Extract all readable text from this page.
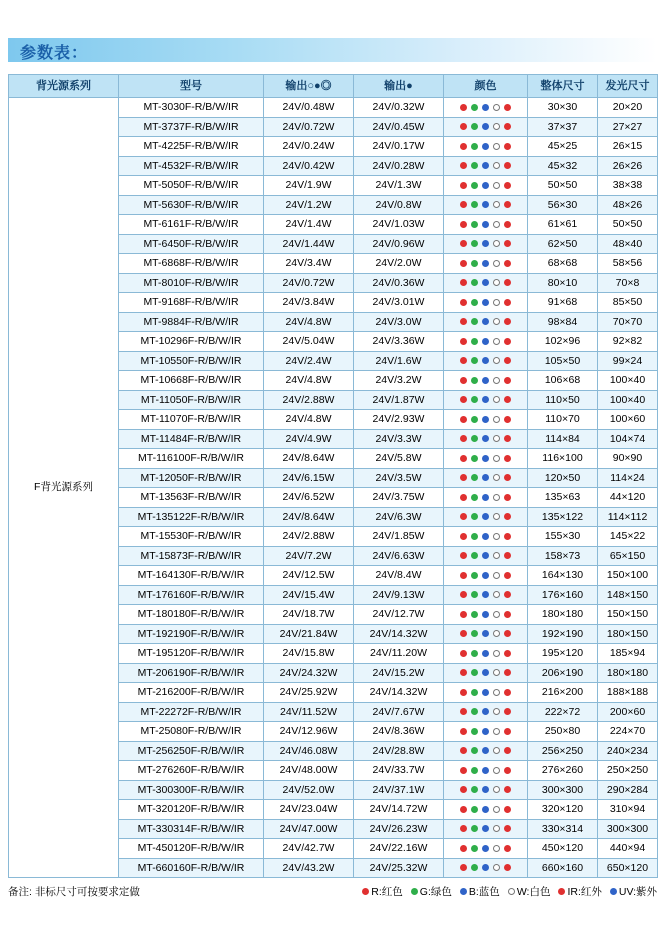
参数表：
背光源系列	型号	输出○●◎	输出●	颜色	整体尺寸	发光尺寸
F背光源系列	MT-3030F-R/B/W/IR	24V/0.48W	24V/0.32W		30×30	20×20
	MT-3737F-R/B/W/IR	24V/0.72W	24V/0.45W		37×37	27×27
	MT-4225F-R/B/W/IR	24V/0.24W	24V/0.17W		45×25	26×15
	MT-4532F-R/B/W/IR	24V/0.42W	24V/0.28W		45×32	26×26
	MT-5050F-R/B/W/IR	24V/1.9W	24V/1.3W		50×50	38×38
	MT-5630F-R/B/W/IR	24V/1.2W	24V/0.8W		56×30	48×26
	MT-6161F-R/B/W/IR	24V/1.4W	24V/1.03W		61×61	50×50
	MT-6450F-R/B/W/IR	24V/1.44W	24V/0.96W		62×50	48×40
	MT-6868F-R/B/W/IR	24V/3.4W	24V/2.0W		68×68	58×56
	MT-8010F-R/B/W/IR	24V/0.72W	24V/0.36W		80×10	70×8
	MT-9168F-R/B/W/IR	24V/3.84W	24V/3.01W		91×68	85×50
	MT-9884F-R/B/W/IR	24V/4.8W	24V/3.0W		98×84	70×70
	MT-10296F-R/B/W/IR	24V/5.04W	24V/3.36W		102×96	92×82
	MT-10550F-R/B/W/IR	24V/2.4W	24V/1.6W		105×50	99×24
	MT-10668F-R/B/W/IR	24V/4.8W	24V/3.2W		106×68	100×40
	MT-11050F-R/B/W/IR	24V/2.88W	24V/1.87W		110×50	100×40
	MT-11070F-R/B/W/IR	24V/4.8W	24V/2.93W		110×70	100×60
	MT-11484F-R/B/W/IR	24V/4.9W	24V/3.3W		114×84	104×74
	MT-116100F-R/B/W/IR	24V/8.64W	24V/5.8W		116×100	90×90
	MT-12050F-R/B/W/IR	24V/6.15W	24V/3.5W		120×50	114×24
	MT-13563F-R/B/W/IR	24V/6.52W	24V/3.75W		135×63	44×120
	MT-135122F-R/B/W/IR	24V/8.64W	24V/6.3W		135×122	114×112
	MT-15530F-R/B/W/IR	24V/2.88W	24V/1.85W		155×30	145×22
	MT-15873F-R/B/W/IR	24V/7.2W	24V/6.63W		158×73	65×150
	MT-164130F-R/B/W/IR	24V/12.5W	24V/8.4W		164×130	150×100
	MT-176160F-R/B/W/IR	24V/15.4W	24V/9.13W		176×160	148×150
	MT-180180F-R/B/W/IR	24V/18.7W	24V/12.7W		180×180	150×150
	MT-192190F-R/B/W/IR	24V/21.84W	24V/14.32W		192×190	180×150
	MT-195120F-R/B/W/IR	24V/15.8W	24V/11.20W		195×120	185×94
	MT-206190F-R/B/W/IR	24V/24.32W	24V/15.2W		206×190	180×180
	MT-216200F-R/B/W/IR	24V/25.92W	24V/14.32W		216×200	188×188
	MT-22272F-R/B/W/IR	24V/11.52W	24V/7.67W		222×72	200×60
	MT-25080F-R/B/W/IR	24V/12.96W	24V/8.36W		250×80	224×70
	MT-256250F-R/B/W/IR	24V/46.08W	24V/28.8W		256×250	240×234
	MT-276260F-R/B/W/IR	24V/48.00W	24V/33.7W		276×260	250×250
	MT-300300F-R/B/W/IR	24V/52.0W	24V/37.1W		300×300	290×284
	MT-320120F-R/B/W/IR	24V/23.04W	24V/14.72W		320×120	310×94
	MT-330314F-R/B/W/IR	24V/47.00W	24V/26.23W		330×314	300×300
	MT-450120F-R/B/W/IR	24V/42.7W	24V/22.16W		450×120	440×94
	MT-660160F-R/B/W/IR	24V/43.2W	24V/25.32W		660×160	650×120
备注: 非标尺寸可按要求定做	R:红色 G:绿色 B:蓝色 W:白色 IR:红外 UV:紫外
